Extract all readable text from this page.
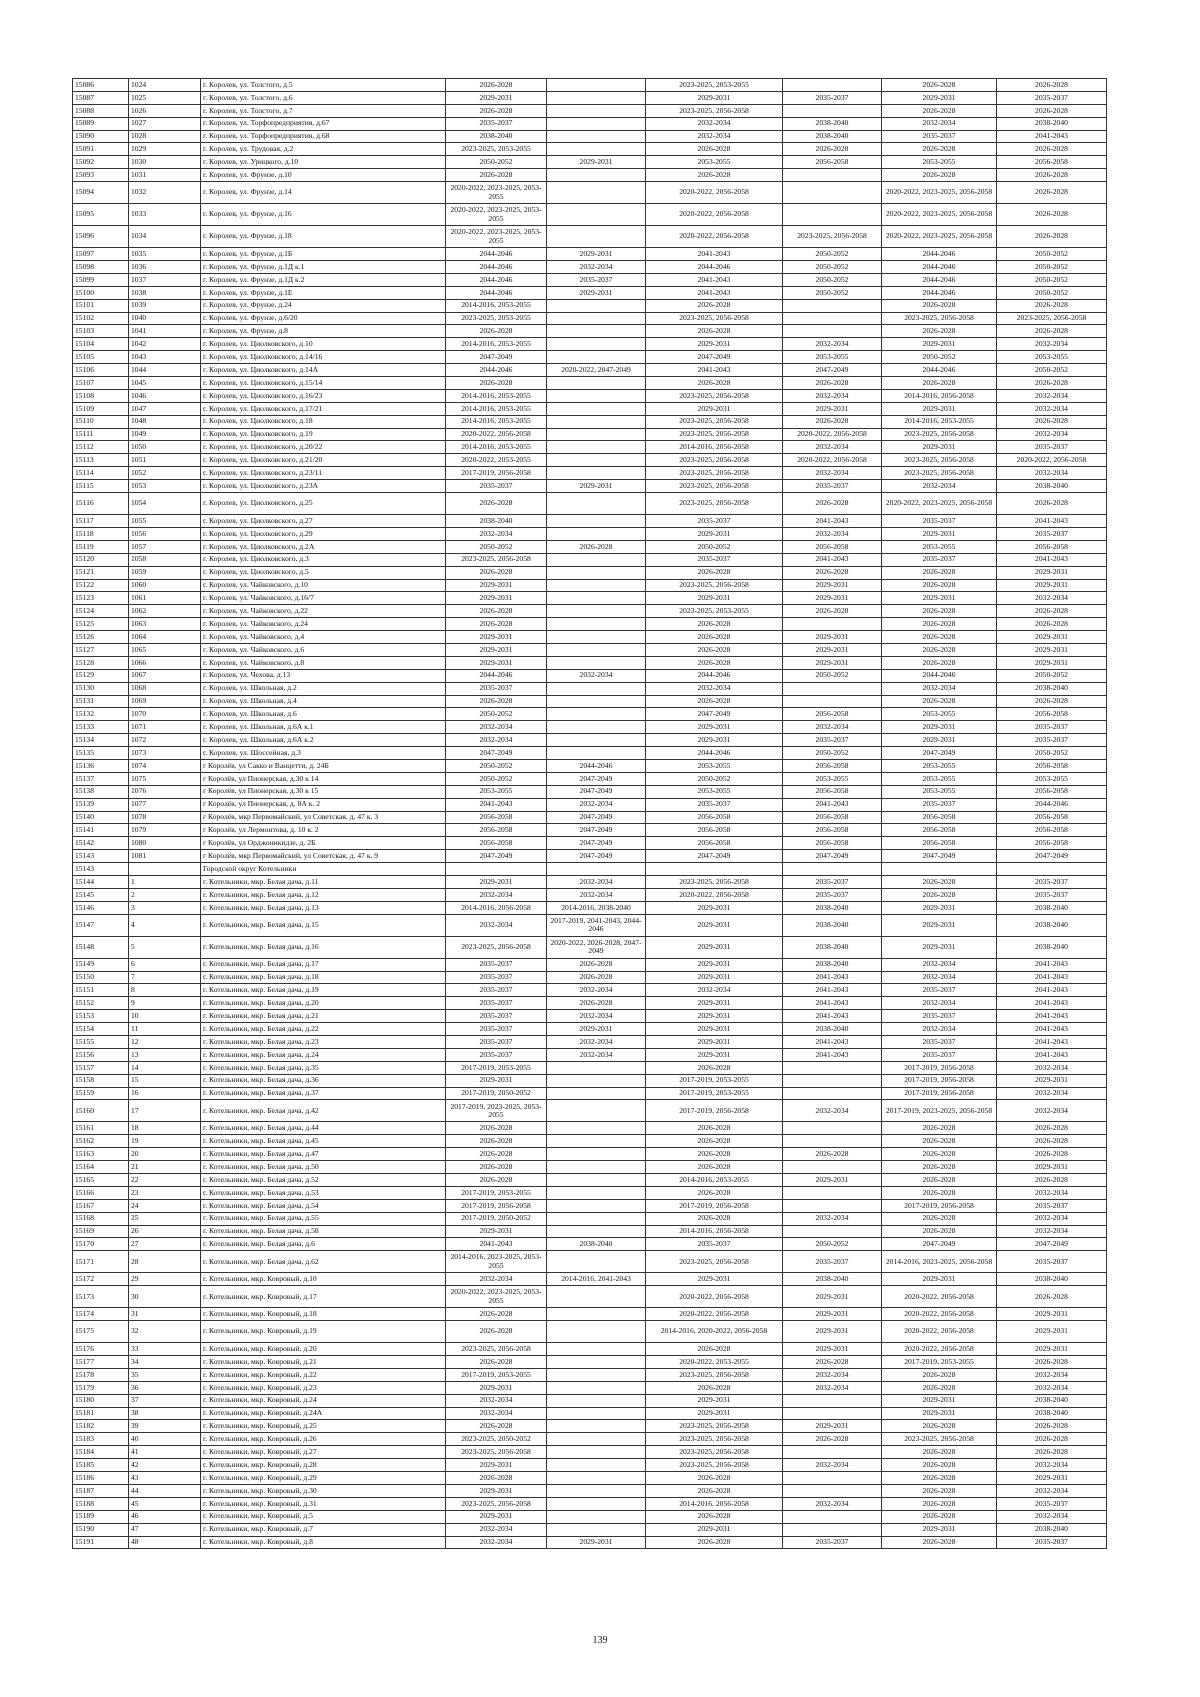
15086	1024	г. Королев, ул. Толстого, д.5	2026-2028		2023-2025, 2053-2055		2026-2028	2026-2028
15087	1025	г. Королев, ул. Толстого, д.6	2029-2031		2029-2031	2035-2037	2029-2031	2035-2037
15088	1026	г. Королев, ул. Толстого, д.7	2026-2028		2023-2025, 2056-2058		2026-2028	2026-2028
15089	1027	г. Королев, ул. Торфопредприятия, д.67	2035-2037		2032-2034	2038-2040	2032-2034	2038-2040
15090	1028	г. Королев, ул. Торфопредприятия, д.68	2038-2040		2032-2034	2038-2040	2035-2037	2041-2043
15091	1029	г. Королев, ул. Трудовая, д.2	2023-2025, 2053-2055		2026-2028	2026-2028	2026-2028	2026-2028
15092	1030	г. Королев, ул. Урицкого, д.10	2050-2052	2029-2031	2053-2055	2056-2058	2053-2055	2056-2058
15093	1031	г. Королев, ул. Фрунзе, д.10	2026-2028		2026-2028		2026-2028	2026-2028
15094	1032	г. Королев, ул. Фрунзе, д.14	2020-2022, 2023-2025, 2053-2055		2020-2022, 2056-2058		2020-2022, 2023-2025, 2056-2058	2026-2028
15095	1033	г. Королев, ул. Фрунзе, д.16	2020-2022, 2023-2025, 2053-2055		2020-2022, 2056-2058		2020-2022, 2023-2025, 2056-2058	2026-2028
15096	1034	г. Королев, ул. Фрунзе, д.18	2020-2022, 2023-2025, 2053-2055		2020-2022, 2056-2058	2023-2025, 2056-2058	2020-2022, 2023-2025, 2056-2058	2026-2028
15097	1035	г. Королев, ул. Фрунзе, д.1Б	2044-2046	2029-2031	2041-2043	2050-2052	2044-2046	2050-2052
15098	1036	г. Королев, ул. Фрунзе, д.1Д к.1	2044-2046	2032-2034	2044-2046	2050-2052	2044-2046	2050-2052
15099	1037	г. Королев, ул. Фрунзе, д.1Д к.2	2044-2046	2035-2037	2041-2043	2050-2052	2044-2046	2050-2052
15100	1038	г. Королев, ул. Фрунзе, д.1Е	2044-2046	2029-2031	2041-2043	2050-2052	2044-2046	2050-2052
15101	1039	г. Королев, ул. Фрунзе, д.24	2014-2016, 2053-2055		2026-2028		2026-2028	2026-2028
15102	1040	г. Королев, ул. Фрунзе, д.6/20	2023-2025, 2053-2055		2023-2025, 2056-2058		2023-2025, 2056-2058	2023-2025, 2056-2058
15103	1041	г. Королев, ул. Фрунзе, д.8	2026-2028		2026-2028		2026-2028	2026-2028
15104	1042	г. Королев, ул. Циолковского, д.10	2014-2016, 2053-2055		2029-2031	2032-2034	2029-2031	2032-2034
15105	1043	г. Королев, ул. Циолковского, д.14/16	2047-2049		2047-2049	2053-2055	2050-2052	2053-2055
15106	1044	г. Королев, ул. Циолковского, д.14А	2044-2046	2020-2022, 2047-2049	2041-2043	2047-2049	2044-2046	2050-2052
15107	1045	г. Королев, ул. Циолковского, д.15/14	2026-2028		2026-2028	2026-2028	2026-2028	2026-2028
15108	1046	г. Королев, ул. Циолковского, д.16/23	2014-2016, 2053-2055		2023-2025, 2056-2058	2032-2034	2014-2016, 2056-2058	2032-2034
15109	1047	г. Королев, ул. Циолковского, д.17/21	2014-2016, 2053-2055		2029-2031	2029-2031	2029-2031	2032-2034
15110	1048	г. Королев, ул. Циолковского, д.18	2014-2016, 2053-2055		2023-2025, 2056-2058	2026-2028	2014-2016, 2053-2055	2026-2028
15111	1049	г. Королев, ул. Циолковского, д.19	2020-2022, 2056-2058		2023-2025, 2056-2058	2020-2022, 2056-2058	2023-2025, 2056-2058	2032-2034
15112	1050	г. Королев, ул. Циолковского, д.20/22	2014-2016, 2053-2055		2014-2016, 2056-2058	2032-2034	2029-2031	2035-2037
15113	1051	г. Королев, ул. Циолковского, д.21/20	2020-2022, 2053-2055		2023-2025, 2056-2058	2020-2022, 2056-2058	2023-2025, 2056-2058	2020-2022, 2056-2058
15114	1052	г. Королев, ул. Циолковского, д.23/11	2017-2019, 2056-2058		2023-2025, 2056-2058	2032-2034	2023-2025, 2056-2058	2032-2034
15115	1053	г. Королев, ул. Циолковского, д.23А	2035-2037	2029-2031	2023-2025, 2056-2058	2035-2037	2032-2034	2038-2040
15116	1054	г. Королев, ул. Циолковского, д.25	2026-2028		2023-2025, 2056-2058	2026-2028	2020-2022, 2023-2025, 2056-2058	2026-2028
15117	1055	г. Королев, ул. Циолковского, д.27	2038-2040		2035-2037	2041-2043	2035-2037	2041-2043
15118	1056	г. Королев, ул. Циолковского, д.29	2032-2034		2029-2031	2032-2034	2029-2031	2035-2037
15119	1057	г. Королев, ул. Циолковского, д.2А	2050-2052	2026-2028	2050-2052	2056-2058	2053-2055	2056-2058
15120	1058	г. Королев, ул. Циолковского, д.3	2023-2025, 2056-2058		2035-2037	2041-2043	2035-2037	2041-2043
15121	1059	г. Королев, ул. Циолковского, д.5	2026-2028		2026-2028	2026-2028	2026-2028	2029-2031
15122	1060	г. Королев, ул. Чайковского, д.10	2029-2031		2023-2025, 2056-2058	2029-2031	2026-2028	2029-2031
15123	1061	г. Королев, ул. Чайковского, д.16/7	2029-2031		2029-2031	2029-2031	2029-2031	2032-2034
15124	1062	г. Королев, ул. Чайковского, д.22	2026-2028		2023-2025, 2053-2055	2026-2028	2026-2028	2026-2028
15125	1063	г. Королев, ул. Чайковского, д.24	2026-2028		2026-2028		2026-2028	2026-2028
15126	1064	г. Королев, ул. Чайковского, д.4	2029-2031		2026-2028	2029-2031	2026-2028	2029-2031
15127	1065	г. Королев, ул. Чайковского, д.6	2029-2031		2026-2028	2029-2031	2026-2028	2029-2031
15128	1066	г. Королев, ул. Чайковского, д.8	2029-2031		2026-2028	2029-2031	2026-2028	2029-2031
15129	1067	г. Королев, ул. Чехова, д.13	2044-2046	2032-2034	2044-2046	2050-2052	2044-2046	2050-2052
15130	1068	г. Королев, ул. Школьная, д.2	2035-2037		2032-2034		2032-2034	2038-2040
15131	1069	г. Королев, ул. Школьная, д.4	2026-2028		2026-2028		2026-2028	2026-2028
15132	1070	г. Королев, ул. Школьная, д.6	2050-2052		2047-2049	2056-2058	2053-2055	2056-2058
15133	1071	г. Королев, ул. Школьная, д.6А к.1	2032-2034		2029-2031	2032-2034	2029-2031	2035-2037
15134	1072	г. Королев, ул. Школьная, д.6А к.2	2032-2034		2029-2031	2035-2037	2029-2031	2035-2037
15135	1073	г. Королев, ул. Шоссейная, д.3	2047-2049		2044-2046	2050-2052	2047-2049	2050-2052
15136	1074	г Королёв, ул Сакко и Ванцетти, д. 24Б	2050-2052	2044-2046	2053-2055	2056-2058	2053-2055	2056-2058
15137	1075	г Королёв, ул Пионерская, д.30 к 14	2050-2052	2047-2049	2050-2052	2053-2055	2053-2055	2053-2055
15138	1076	г Королёв, ул Пионерская, д.30 к 15	2053-2055	2047-2049	2053-2055	2056-2058	2053-2055	2056-2058
15139	1077	г Королёв, ул Пионерская, д. 8А к. 2	2041-2043	2032-2034	2035-2037	2041-2043	2035-2037	2044-2046
15140	1078	г Королёв, мкр Первомайский, ул Советская, д. 47 к. 3	2056-2058	2047-2049	2056-2058	2056-2058	2056-2058	2056-2058
15141	1079	г Королёв, ул Лермонтова, д. 10 к. 2	2056-2058	2047-2049	2056-2058	2056-2058	2056-2058	2056-2058
15142	1080	г Королёв, ул Орджоникидзе, д. 2Б	2056-2058	2047-2049	2056-2058	2056-2058	2056-2058	2056-2058
15143	1081	г Королёв, мкр Первомайский, ул Советская, д. 47 к. 9	2047-2049	2047-2049	2047-2049	2047-2049	2047-2049	2047-2049
15143		Городской округ Котельники						
15144	1	г. Котельники, мкр. Белая дача, д.11	2029-2031	2032-2034	2023-2025, 2056-2058	2035-2037	2026-2028	2035-2037
15145	2	г. Котельники, мкр. Белая дача, д.12	2032-2034	2032-2034	2020-2022, 2056-2058	2035-2037	2026-2028	2035-2037
15146	3	г. Котельники, мкр. Белая дача, д.13	2014-2016, 2056-2058	2014-2016, 2038-2040	2029-2031	2038-2040	2029-2031	2038-2040
15147	4	г. Котельники, мкр. Белая дача, д.15	2032-2034	2017-2019, 2041-2043, 2044-2046	2029-2031	2038-2040	2029-2031	2038-2040
15148	5	г. Котельники, мкр. Белая дача, д.16	2023-2025, 2056-2058	2020-2022, 2026-2028, 2047-2049	2029-2031	2038-2040	2029-2031	2038-2040
15149	6	г. Котельники, мкр. Белая дача, д.17	2035-2037	2026-2028	2029-2031	2038-2040	2032-2034	2041-2043
15150	7	г. Котельники, мкр. Белая дача, д.18	2035-2037	2026-2028	2029-2031	2041-2043	2032-2034	2041-2043
15151	8	г. Котельники, мкр. Белая дача, д.19	2035-2037	2032-2034	2032-2034	2041-2043	2035-2037	2041-2043
15152	9	г. Котельники, мкр. Белая дача, д.20	2035-2037	2026-2028	2029-2031	2041-2043	2032-2034	2041-2043
15153	10	г. Котельники, мкр. Белая дача, д.21	2035-2037	2032-2034	2029-2031	2041-2043	2035-2037	2041-2043
15154	11	г. Котельники, мкр. Белая дача, д.22	2035-2037	2029-2031	2029-2031	2038-2040	2032-2034	2041-2043
15155	12	г. Котельники, мкр. Белая дача, д.23	2035-2037	2032-2034	2029-2031	2041-2043	2035-2037	2041-2043
15156	13	г. Котельники, мкр. Белая дача, д.24	2035-2037	2032-2034	2029-2031	2041-2043	2035-2037	2041-2043
15157	14	г. Котельники, мкр. Белая дача, д.35	2017-2019, 2053-2055		2026-2028		2017-2019, 2056-2058	2032-2034
15158	15	г. Котельники, мкр. Белая дача, д.36	2029-2031		2017-2019, 2053-2055		2017-2019, 2056-2058	2029-2031
15159	16	г. Котельники, мкр. Белая дача, д.37	2017-2019, 2050-2052		2017-2019, 2053-2055		2017-2019, 2056-2058	2032-2034
15160	17	г. Котельники, мкр. Белая дача, д.42	2017-2019, 2023-2025, 2053-2055		2017-2019, 2056-2058	2032-2034	2017-2019, 2023-2025, 2056-2058	2032-2034
15161	18	г. Котельники, мкр. Белая дача, д.44	2026-2028		2026-2028		2026-2028	2026-2028
15162	19	г. Котельники, мкр. Белая дача, д.45	2026-2028		2026-2028		2026-2028	2026-2028
15163	20	г. Котельники, мкр. Белая дача, д.47	2026-2028		2026-2028	2026-2028	2026-2028	2026-2028
15164	21	г. Котельники, мкр. Белая дача, д.50	2026-2028		2026-2028		2026-2028	2029-2031
15165	22	г. Котельники, мкр. Белая дача, д.52	2026-2028		2014-2016, 2053-2055	2029-2031	2026-2028	2026-2028
15166	23	г. Котельники, мкр. Белая дача, д.53	2017-2019, 2053-2055		2026-2028		2026-2028	2032-2034
15167	24	г. Котельники, мкр. Белая дача, д.54	2017-2019, 2056-2058		2017-2019, 2056-2058		2017-2019, 2056-2058	2035-2037
15168	25	г. Котельники, мкр. Белая дача, д.55	2017-2019, 2050-2052		2026-2028	2032-2034	2026-2028	2032-2034
15169	26	г. Котельники, мкр. Белая дача, д.58	2029-2031		2014-2016, 2056-2058		2026-2028	2032-2034
15170	27	г. Котельники, мкр. Белая дача, д.6	2041-2043	2038-2040	2035-2037	2050-2052	2047-2049	2047-2049
15171	28	г. Котельники, мкр. Белая дача, д.62	2014-2016, 2023-2025, 2053-2055		2023-2025, 2056-2058	2035-2037	2014-2016, 2023-2025, 2056-2058	2035-2037
15172	29	г. Котельники, мкр. Ковровый, д.10	2032-2034	2014-2016, 2041-2043	2029-2031	2038-2040	2029-2031	2038-2040
15173	30	г. Котельники, мкр. Ковровый, д.17	2020-2022, 2023-2025, 2053-2055		2020-2022, 2056-2058	2029-2031	2020-2022, 2056-2058	2026-2028
15174	31	г. Котельники, мкр. Ковровый, д.18	2026-2028		2020-2022, 2056-2058	2029-2031	2020-2022, 2056-2058	2029-2031
15175	32	г. Котельники, мкр. Ковровый, д.19	2026-2028		2014-2016, 2020-2022, 2056-2058	2029-2031	2020-2022, 2056-2058	2029-2031
15176	33	г. Котельники, мкр. Ковровый, д.20	2023-2025, 2056-2058		2026-2028	2029-2031	2020-2022, 2056-2058	2029-2031
15177	34	г. Котельники, мкр. Ковровый, д.21	2026-2028		2020-2022, 2053-2055	2026-2028	2017-2019, 2053-2055	2026-2028
15178	35	г. Котельники, мкр. Ковровый, д.22	2017-2019, 2053-2055		2023-2025, 2056-2058	2032-2034	2026-2028	2032-2034
15179	36	г. Котельники, мкр. Ковровый, д.23	2029-2031		2026-2028	2032-2034	2026-2028	2032-2034
15180	37	г. Котельники, мкр. Ковровый, д.24	2032-2034		2029-2031		2029-2031	2038-2040
15181	38	г. Котельники, мкр. Ковровый, д.24А	2032-2034		2029-2031		2029-2031	2038-2040
15182	39	г. Котельники, мкр. Ковровый, д.25	2026-2028		2023-2025, 2056-2058	2029-2031	2026-2028	2026-2028
15183	40	г. Котельники, мкр. Ковровый, д.26	2023-2025, 2050-2052		2023-2025, 2056-2058	2026-2028	2023-2025, 2056-2058	2026-2028
15184	41	г. Котельники, мкр. Ковровый, д.27	2023-2025, 2056-2058		2023-2025, 2056-2058		2026-2028	2026-2028
15185	42	г. Котельники, мкр. Ковровый, д.28	2029-2031		2023-2025, 2056-2058	2032-2034	2026-2028	2032-2034
15186	43	г. Котельники, мкр. Ковровый, д.29	2026-2028		2026-2028		2026-2028	2029-2031
15187	44	г. Котельники, мкр. Ковровый, д.30	2029-2031		2026-2028		2026-2028	2032-2034
15188	45	г. Котельники, мкр. Ковровый, д.31	2023-2025, 2056-2058		2014-2016, 2056-2058	2032-2034	2026-2028	2035-2037
15189	46	г. Котельники, мкр. Ковровый, д.5	2029-2031		2026-2028		2026-2028	2032-2034
15190	47	г. Котельники, мкр. Ковровый, д.7	2032-2034		2029-2031		2029-2031	2038-2040
15191	48	г. Котельники, мкр. Ковровый, д.8	2032-2034	2029-2031	2026-2028	2035-2037	2026-2028	2035-2037
139
